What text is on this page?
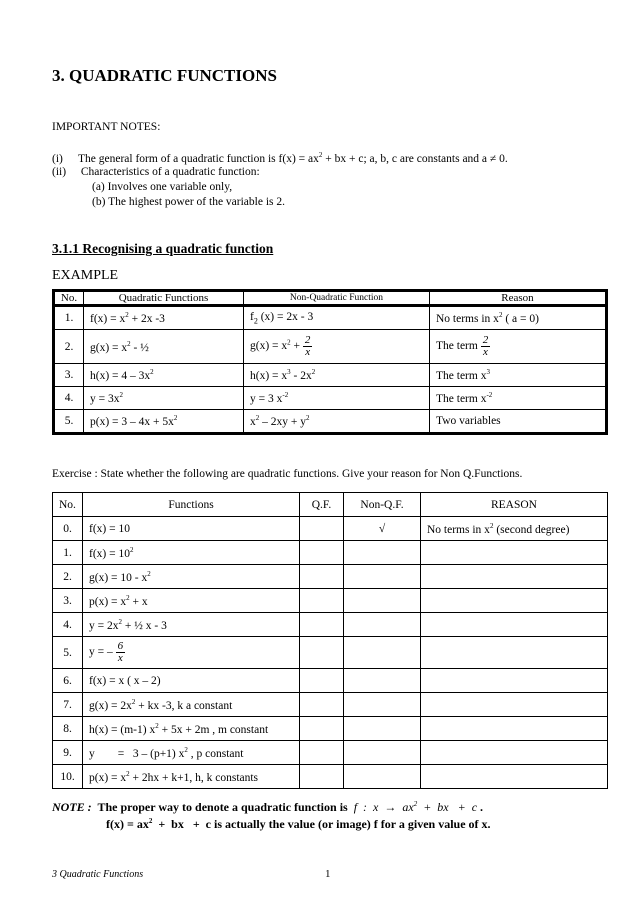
3. QUADRATIC FUNCTIONS
IMPORTANT NOTES:
(i) The general form of a quadratic function is $f(x) = ax^2$ + bx + c; a, b, c are constants and a ≠ 0.
(ii) Characteristics of a quadratic function:
(a) Involves one variable only,
(b) The highest power of the variable is 2.
3.1.1 Recognising a quadratic function
EXAMPLE
No.	Quadratic Functions	Non-Quadratic Function	Reason
1.	$f(x) = x^2 + 2x$ -3	$f_2$ (x) = 2x - 3	No terms in $x^2$ ( a = 0)
2.	$g(x) = x^2$ - ½	$g(x) = x^2 + \frac{2}{x}$	The term $\frac{2}{x}$

3.	$h(x) = 4 - 3x^2$	$h(x) = x^3 - 2x^2$	The term $x^3$
4.	$y = 3x^2$	y = 3 $x^{-2}$	The term $x^{-2}$
5.	$p(x) = 3 - 4x + 5x^2$	$x^2 - 2xy + y^2$	Two variables
Exercise : State whether the following are quadratic functions. Give your reason for Non Q.Functions.
No.	Functions	Q.F.	Non-Q.F.	REASON
0.	f(x) = 10		√	No terms in $x^2$ (second degree)
1.	$f(x) = 10^2$			
2.	$g(x) = 10 - x^2$			
3.	$p(x) = x^2 + x$			
4.	$y = 2x^2$ + ½ x - 3			
5.	y = – $\frac{6}{x}$

6.	f(x) = x ( x – 2)			
7.	$g(x) = 2x^2$ + kx -3, k a constant			
8.	h(x) = (m-1) $x^2 + 5x + 2m$ , m constant			
9.	y        =   3 – (p+1) $x^2$ , p constant			
10.	$p(x) = x^2 + 2hx + k+1$, h, k constants			
NOTE :  The proper way to denote a quadratic function is  f  :  $x \to ax^2$  +  bx   +  c .
$f(x) = ax^2$  +  bx   +  c is actually the value (or image) f for a given value of x.
3 Quadratic Functions	1
